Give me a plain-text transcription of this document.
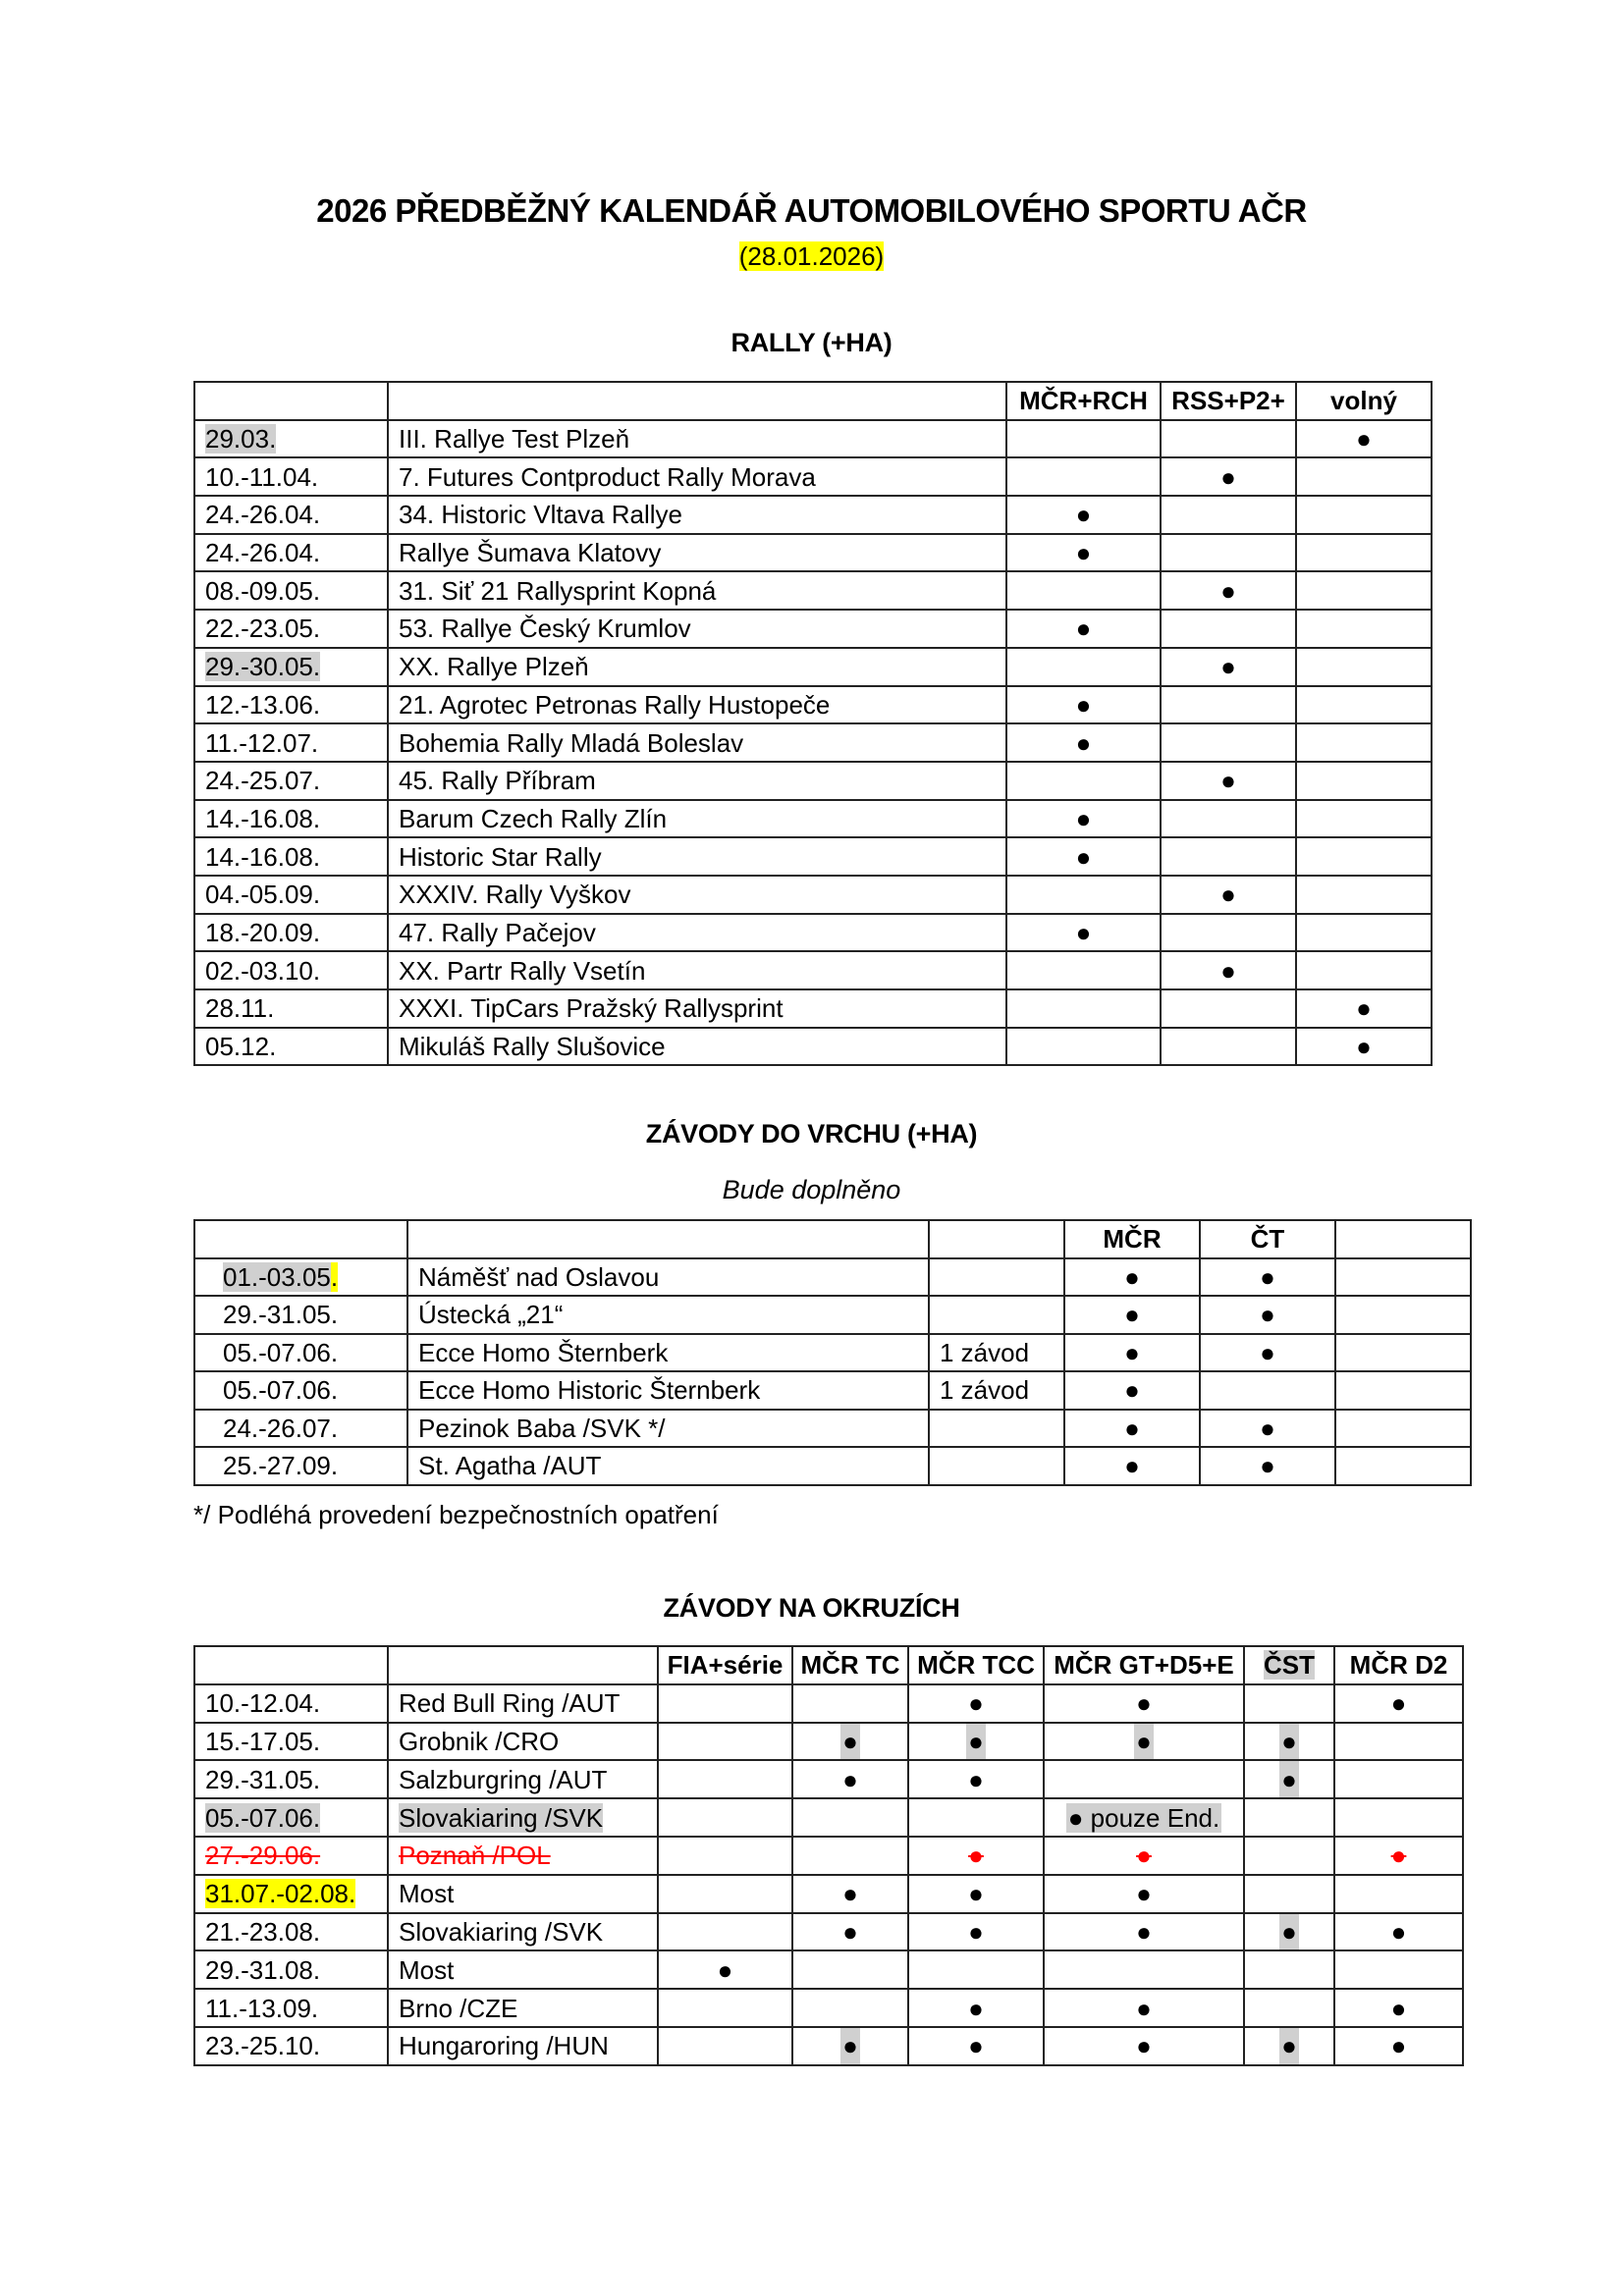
2026 PŘEDBĚŽNÝ KALENDÁŘ AUTOMOBILOVÉHO SPORTU AČR
(28.01.2026)
RALLY (+HA)
		MČR+RCH	RSS+P2+	volný
29.03.	III. Rallye Test Plzeň			●
10.-11.04.	7. Futures Contproduct Rally Morava		●	
24.-26.04.	34. Historic Vltava Rallye	●		
24.-26.04.	Rallye Šumava Klatovy	●		
08.-09.05.	31. Siť 21 Rallysprint Kopná		●	
22.-23.05.	53. Rallye Český Krumlov	●		
29.-30.05.	XX. Rallye Plzeň		●	
12.-13.06.	21. Agrotec Petronas Rally Hustopeče	●		
11.-12.07.	Bohemia Rally Mladá Boleslav	●		
24.-25.07.	45. Rally Příbram		●	
14.-16.08.	Barum Czech Rally Zlín	●		
14.-16.08.	Historic Star Rally	●		
04.-05.09.	XXXIV. Rally Vyškov		●	
18.-20.09.	47. Rally Pačejov	●		
02.-03.10.	XX. Partr Rally Vsetín		●	
28.11.	XXXI. TipCars Pražský Rallysprint			●
05.12.	Mikuláš Rally Slušovice			●
ZÁVODY DO VRCHU (+HA)
Bude doplněno
			MČR	ČT	
01.-03.05.	Náměšť nad Oslavou		●	●	
29.-31.05.	Ústecká „21“		●	●	
05.-07.06.	Ecce Homo Šternberk	1 závod	●	●	
05.-07.06.	Ecce Homo Historic Šternberk	1 závod	●		
24.-26.07.	Pezinok Baba /SVK */		●	●	
25.-27.09.	St. Agatha /AUT		●	●	
*/ Podléhá provedení bezpečnostních opatření
ZÁVODY NA OKRUZÍCH
		FIA+série	MČR TC	MČR TCC	MČR GT+D5+E	ČST	MČR D2
10.-12.04.	Red Bull Ring /AUT			●	●		●
15.-17.05.	Grobnik /CRO		●	●	●	●	
29.-31.05.	Salzburgring /AUT		●	●		●	
05.-07.06.	Slovakiaring /SVK				● pouze End.		
27.-29.06.	Poznaň /POL			●	●		●
31.07.-02.08.	Most		●	●	●		
21.-23.08.	Slovakiaring /SVK		●	●	●	●	●
29.-31.08.	Most	●					
11.-13.09.	Brno /CZE			●	●		●
23.-25.10.	Hungaroring /HUN		●	●	●	●	●
